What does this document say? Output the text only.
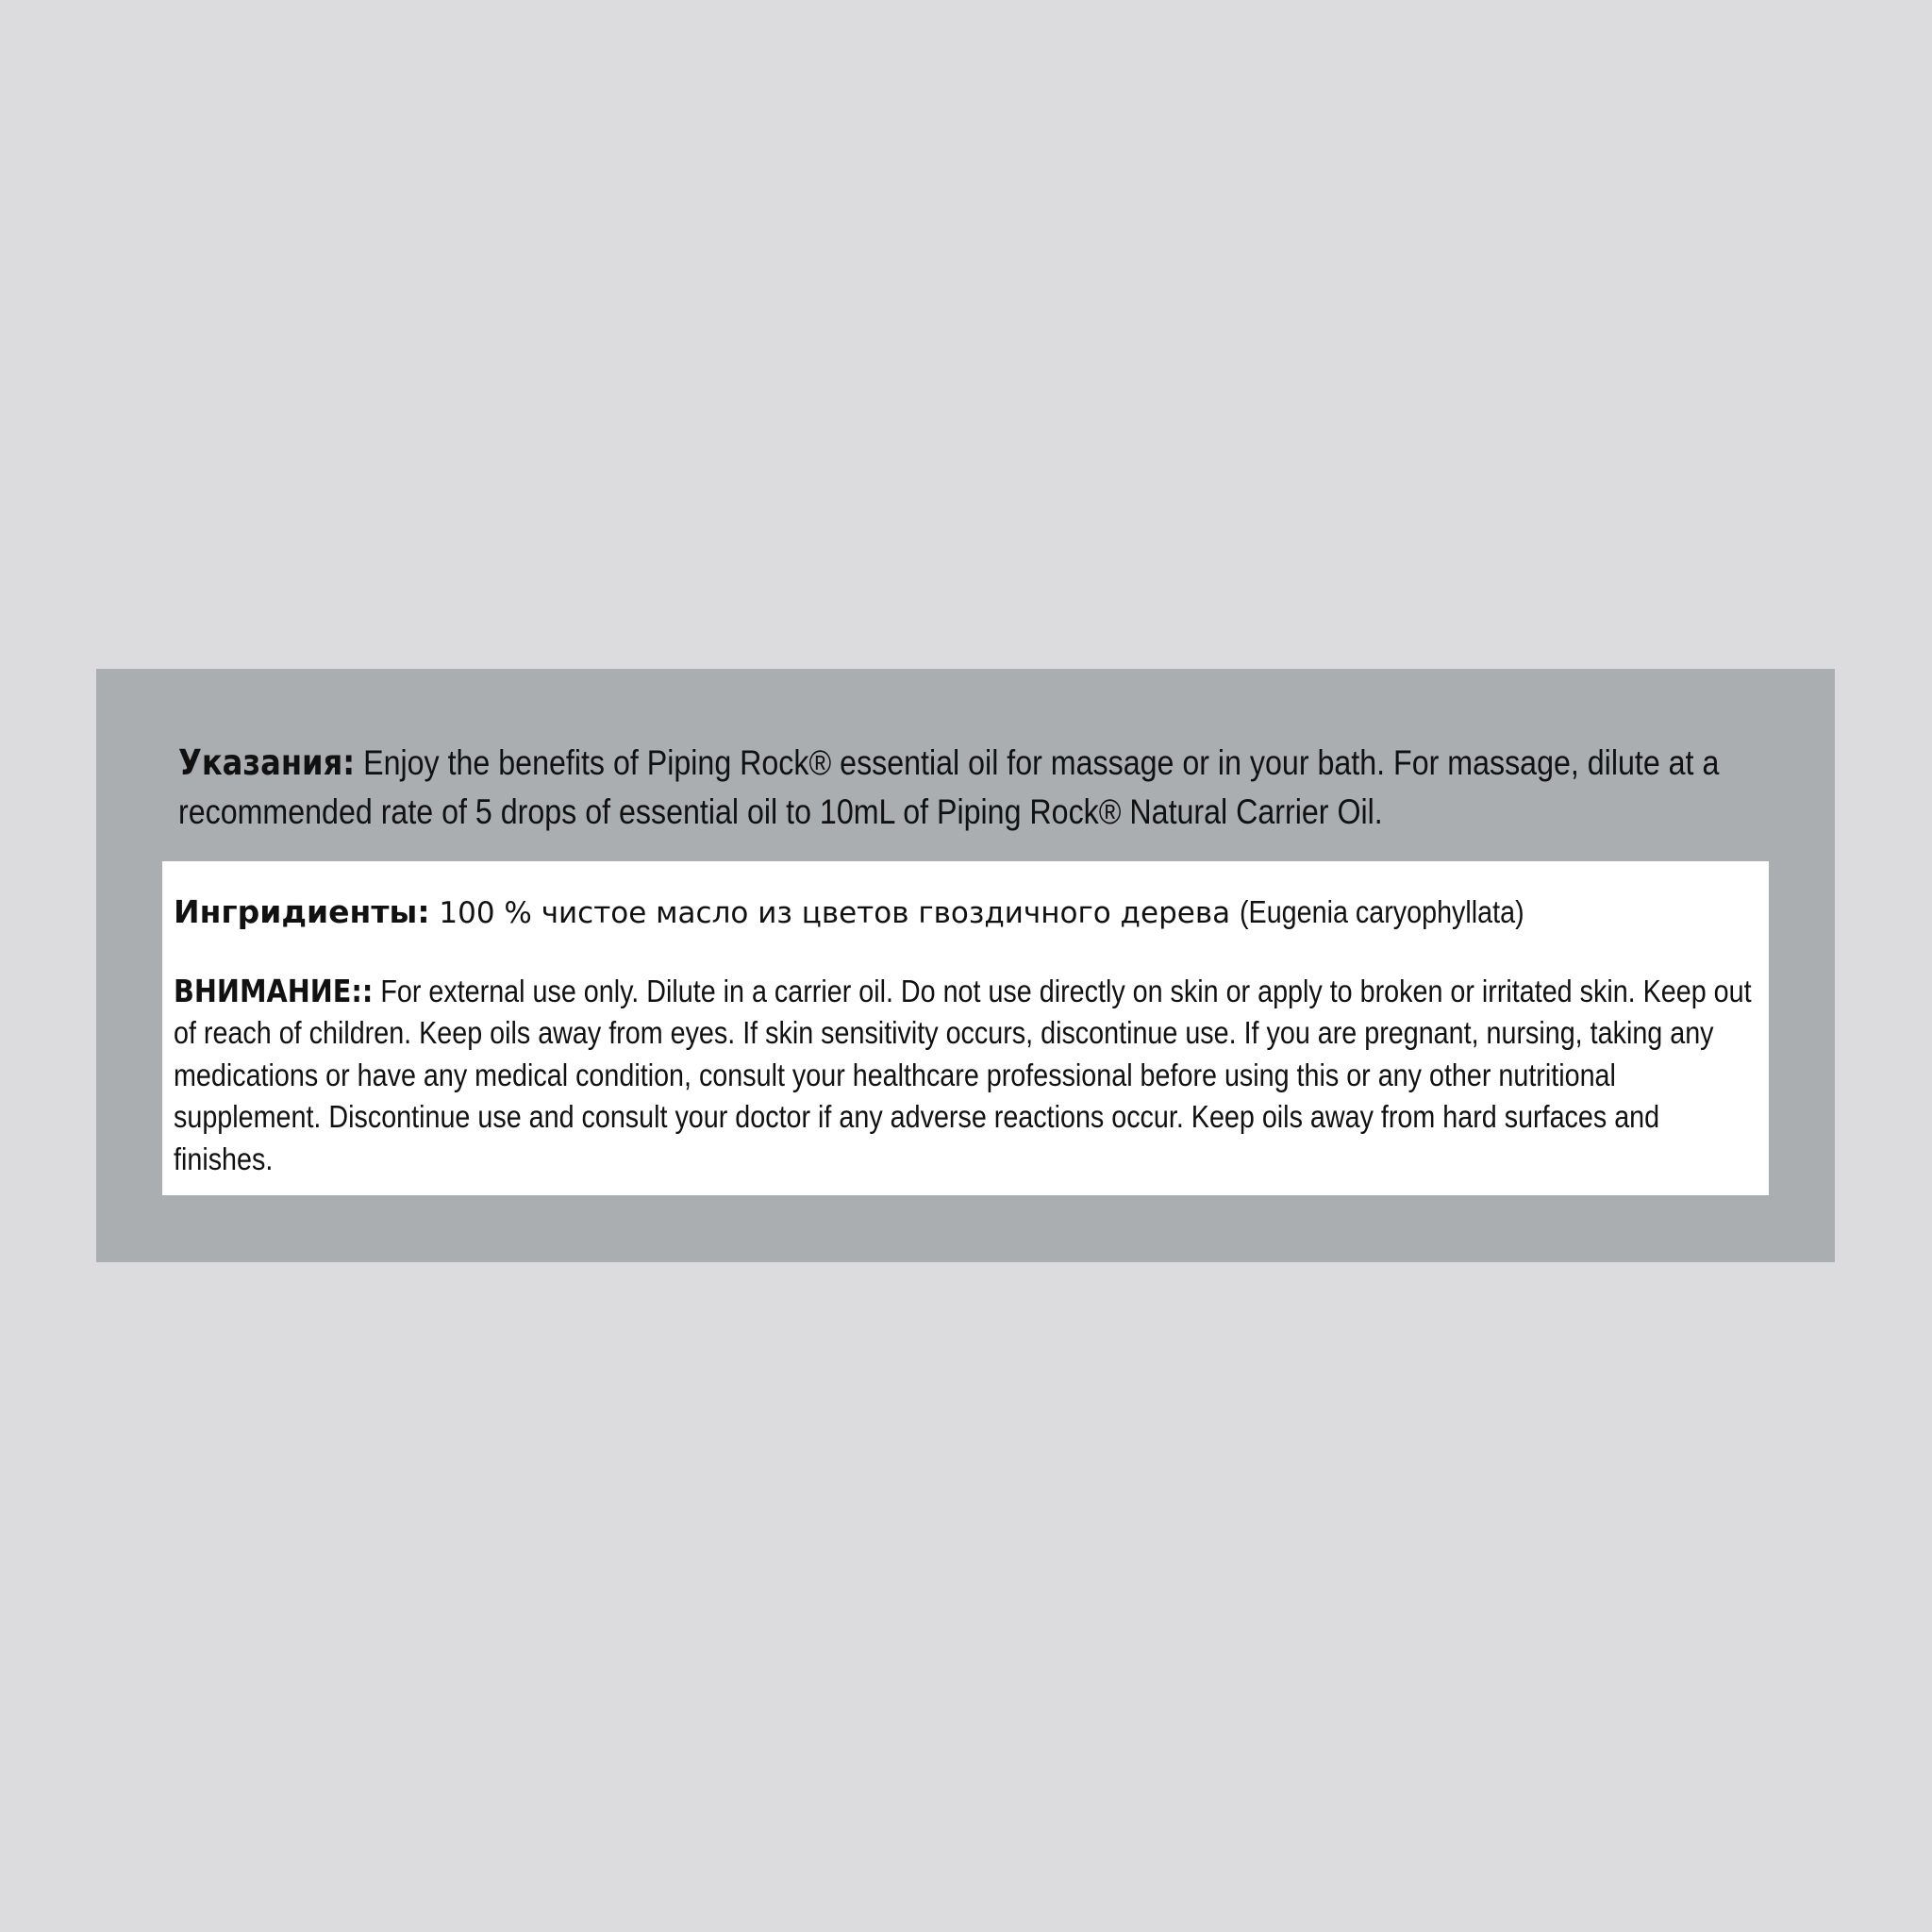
Указания: Enjoy the benefits of Piping Rock® essential oil for massage or in your bath. For massage, dilute at a recommended rate of 5 drops of essential oil to 10mL of Piping Rock® Natural Carrier Oil.
Ингридиенты: 100 % чистое масло из цветов гвоздичного дерева (Eugenia caryophyllata)
ВНИМАНИЕ:: For external use only. Dilute in a carrier oil. Do not use directly on skin or apply to broken or irritated skin. Keep out of reach of children. Keep oils away from eyes. If skin sensitivity occurs, discontinue use. If you are pregnant, nursing, taking any medications or have any medical condition, consult your healthcare professional before using this or any other nutritional supplement. Discontinue use and consult your doctor if any adverse reactions occur. Keep oils away from hard surfaces and finishes.
